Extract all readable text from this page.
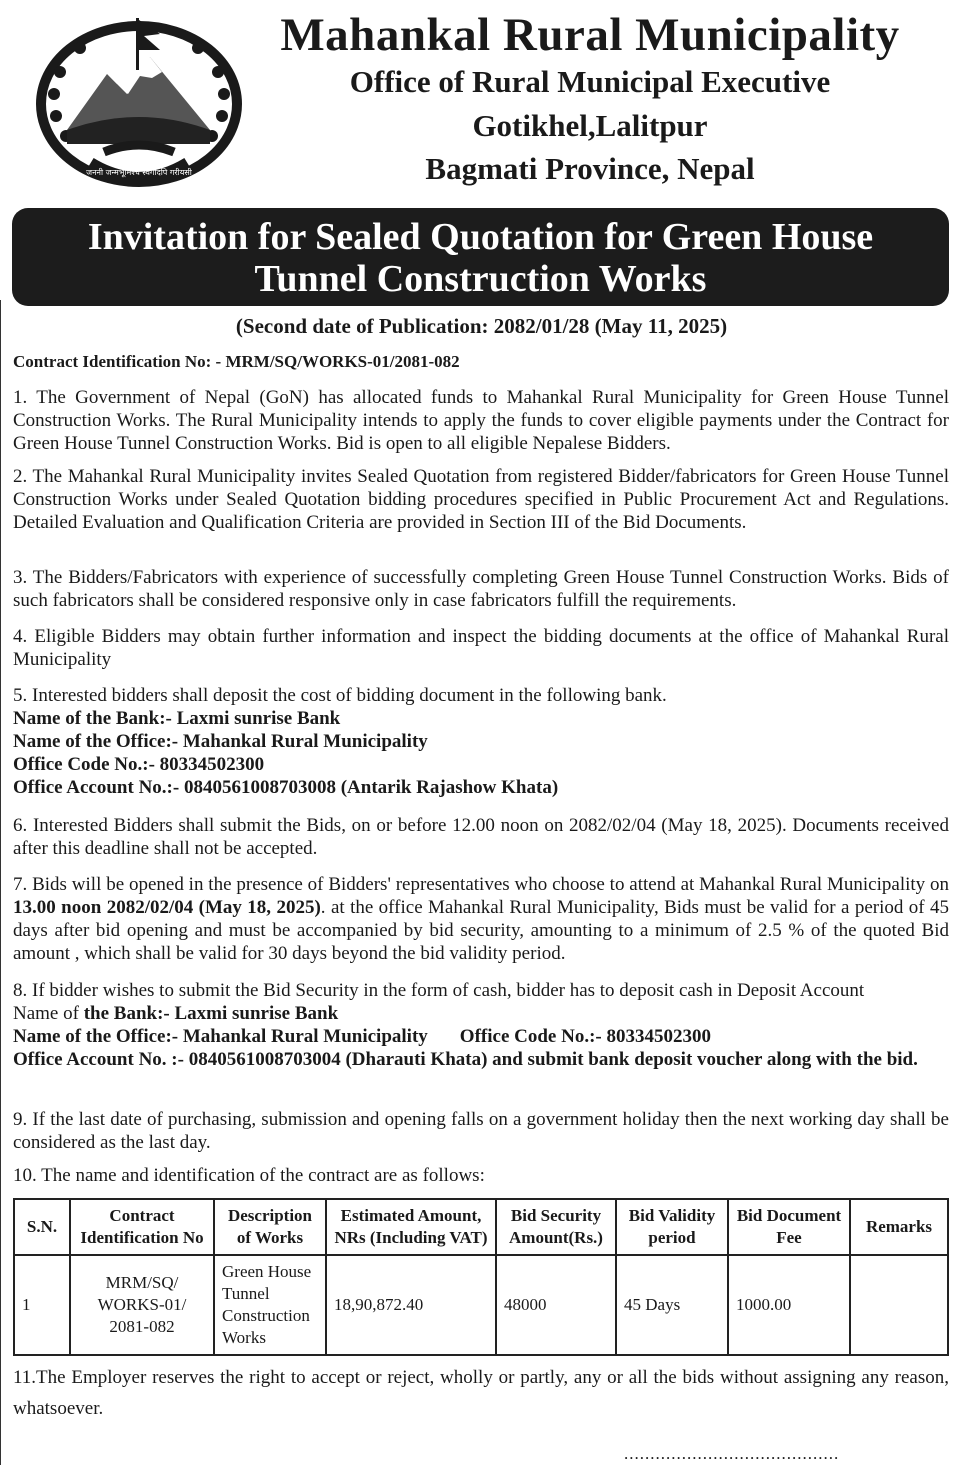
जननी जन्मभूमिश्च स्वर्गादपि गरीयसी
Mahankal Rural Municipality
Office of Rural Municipal Executive
Gotikhel,Lalitpur
Bagmati Province, Nepal
Invitation for Sealed Quotation for Green House
Tunnel Construction Works
(Second date of Publication: 2082/01/28 (May 11, 2025)
Contract Identification No: - MRM/SQ/WORKS-01/2081-082

1. The Government of Nepal (GoN) has allocated funds to Mahankal Rural Municipality for Green House Tunnel Construction Works. The Rural Municipality intends to apply the funds to cover eligible payments under the Contract for Green House Tunnel Construction Works. Bid is open to all eligible Nepalese Bidders.

2. The Mahankal Rural Municipality invites Sealed Quotation from registered Bidder/fabricators for Green House Tunnel Construction Works under Sealed Quotation bidding procedures specified in Public Procurement Act and Regulations. Detailed Evaluation and Qualification Criteria are provided in Section III of the Bid Documents.

3. The Bidders/Fabricators with experience of successfully completing Green House Tunnel Construction Works. Bids of such fabricators shall be considered responsive only in case fabricators fulfill the requirements.

4. Eligible Bidders may obtain further information and inspect the bidding documents at the office of Mahankal Rural Municipality

5. Interested bidders shall deposit the cost of bidding document in the following bank.

Name of the Bank:- Laxmi sunrise Bank

Name of the Office:- Mahankal Rural Municipality

Office Code No.:- 80334502300

Office Account No.:- 0840561008703008 (Antarik Rajashow Khata)

6. Interested Bidders shall submit the Bids, on or before 12.00 noon on 2082/02/04 (May 18, 2025). Documents received after this deadline shall not be accepted.

7. Bids will be opened in the presence of Bidders' representatives who choose to attend at Mahankal Rural Municipality on 13.00 noon 2082/02/04 (May 18, 2025). at the office Mahankal Rural Municipality, Bids must be valid for a period of 45 days after bid opening and must be accompanied by bid security, amounting to a minimum of 2.5 % of the quoted Bid amount , which shall be valid for 30 days beyond the bid validity period.

8. If bidder wishes to submit the Bid Security in the form of cash, bidder has to deposit cash in Deposit Account

Name of the Bank:- Laxmi sunrise Bank

Name of the Office:- Mahankal Rural Municipality Office Code No.:- 80334502300

Office Account No. :- 0840561008703004 (Dharauti Khata) and submit bank deposit voucher along with the bid.

9. If the last date of purchasing, submission and opening falls on a government holiday then the next working day shall be considered as the last day.

10. The name and identification of the contract are as follows:

S.N.	Contract Identification No	Description of Works	Estimated Amount, NRs (Including VAT)	Bid Security Amount(Rs.)	Bid Validity period	Bid Document Fee	Remarks
1	MRM/SQ/ WORKS-01/ 2081-082	Green House Tunnel Construction Works	18,90,872.40	48000	45 Days	1000.00	
11.The Employer reserves the right to accept or reject, wholly or partly, any or all the bids without assigning any reason, whatsoever.
.........................................
